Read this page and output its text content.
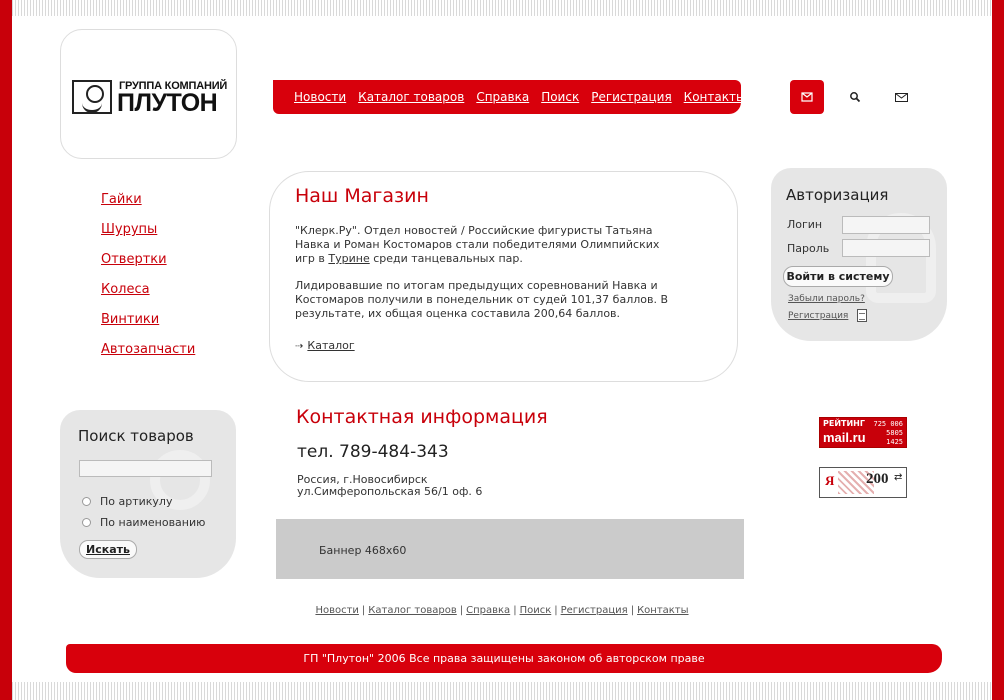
ГРУППА КОМПАНИЙ
ПЛУТОН	Новости Каталог товаров Справка Поиск Регистрация Контакты
Гайки
Шурупы
Отвертки
Колеса
Винтики
Автозапчасти
Наш Магазин
"Клерк.Ру". Отдел новостей / Российские фигуристы Татьяна Навка и Роман Костомаров стали победителями Олимпийских игр в Турине среди танцевальных пар.
Лидировавшие по итогам предыдущих соревнований Навка и Костомаров получили в понедельник от судей 101,37 баллов. В результате, их общая оценка составила 200,64 баллов.
⇢ Каталог
Авторизация
Логин
Пароль
Войти в систему
Забыли пароль?
Регистрация
Поиск товаров
По артикулу
По наименованию
Искать
Контактная информация
тел. 789-484-343
Россия, г.Новосибирск
ул.Симферопольская 56/1 оф. 6
Баннер 468x60
РЕЙТИНГ
mail.ru
725 006
5805
1425
Я 200 ⇄
Новости | Каталог товаров | Справка | Поиск | Регистрация | Контакты
ГП "Плутон" 2006 Все права защищены законом об авторском праве
